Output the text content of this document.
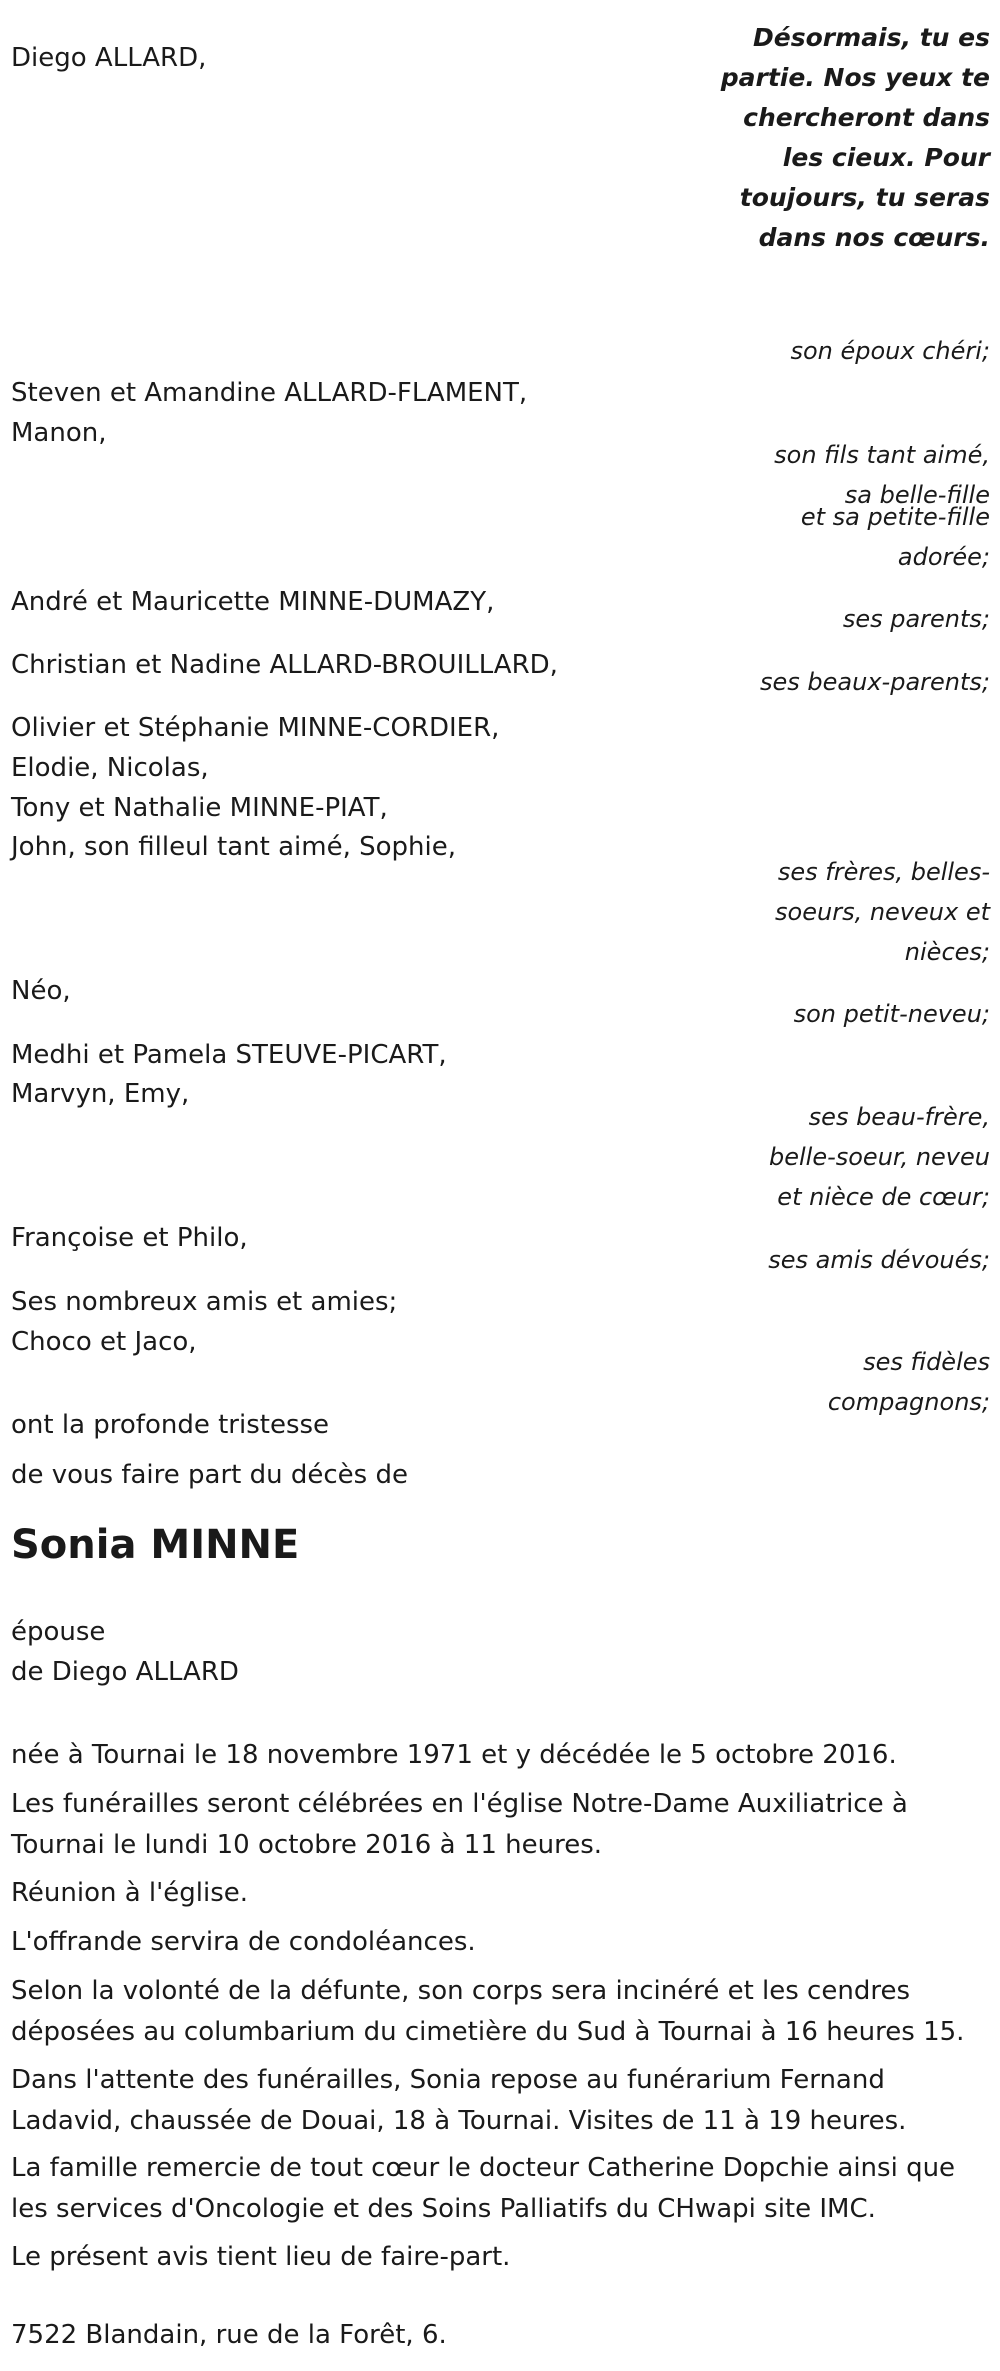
Désormais, tu es partie. Nos yeux te chercheront dans les cieux. Pour toujours, tu seras dans nos cœurs.
Diego ALLARD,
Steven et Amandine ALLARD-FLAMENT,
Manon,
André et Mauricette MINNE-DUMAZY,
Christian et Nadine ALLARD-BROUILLARD,
Olivier et Stéphanie MINNE-CORDIER,
Elodie, Nicolas,
Tony et Nathalie MINNE-PIAT,
John, son filleul tant aimé, Sophie,
Néo,
Medhi et Pamela STEUVE-PICART,
Marvyn, Emy,
Françoise et Philo,
Ses nombreux amis et amies;
Choco et Jaco,
ont la profonde tristesse
de vous faire part du décès de
son époux chéri;
son fils tant aimé,
sa belle-fille
et sa petite-fille
adorée;
ses parents;
ses beaux-parents;
ses frères, belles-
soeurs, neveux et
nièces;
son petit-neveu;
ses beau-frère,
belle-soeur, neveu
et nièce de cœur;
ses amis dévoués;
ses fidèles
compagnons;
Sonia MINNE
épouse
de Diego ALLARD
née à Tournai le 18 novembre 1971 et y décédée le 5 octobre 2016.
Les funérailles seront célébrées en l'église Notre-Dame Auxiliatrice à Tournai le lundi 10 octobre 2016 à 11 heures.
Réunion à l'église.
L'offrande servira de condoléances.
Selon la volonté de la défunte, son corps sera incinéré et les cendres déposées au columbarium du cimetière du Sud à Tournai à 16 heures 15.
Dans l'attente des funérailles, Sonia repose au funérarium Fernand Ladavid, chaussée de Douai, 18 à Tournai. Visites de 11 à 19 heures.
La famille remercie de tout cœur le docteur Catherine Dopchie ainsi que les services d'Oncologie et des Soins Palliatifs du CHwapi site IMC.
Le présent avis tient lieu de faire-part.
7522 Blandain, rue de la Forêt, 6.
